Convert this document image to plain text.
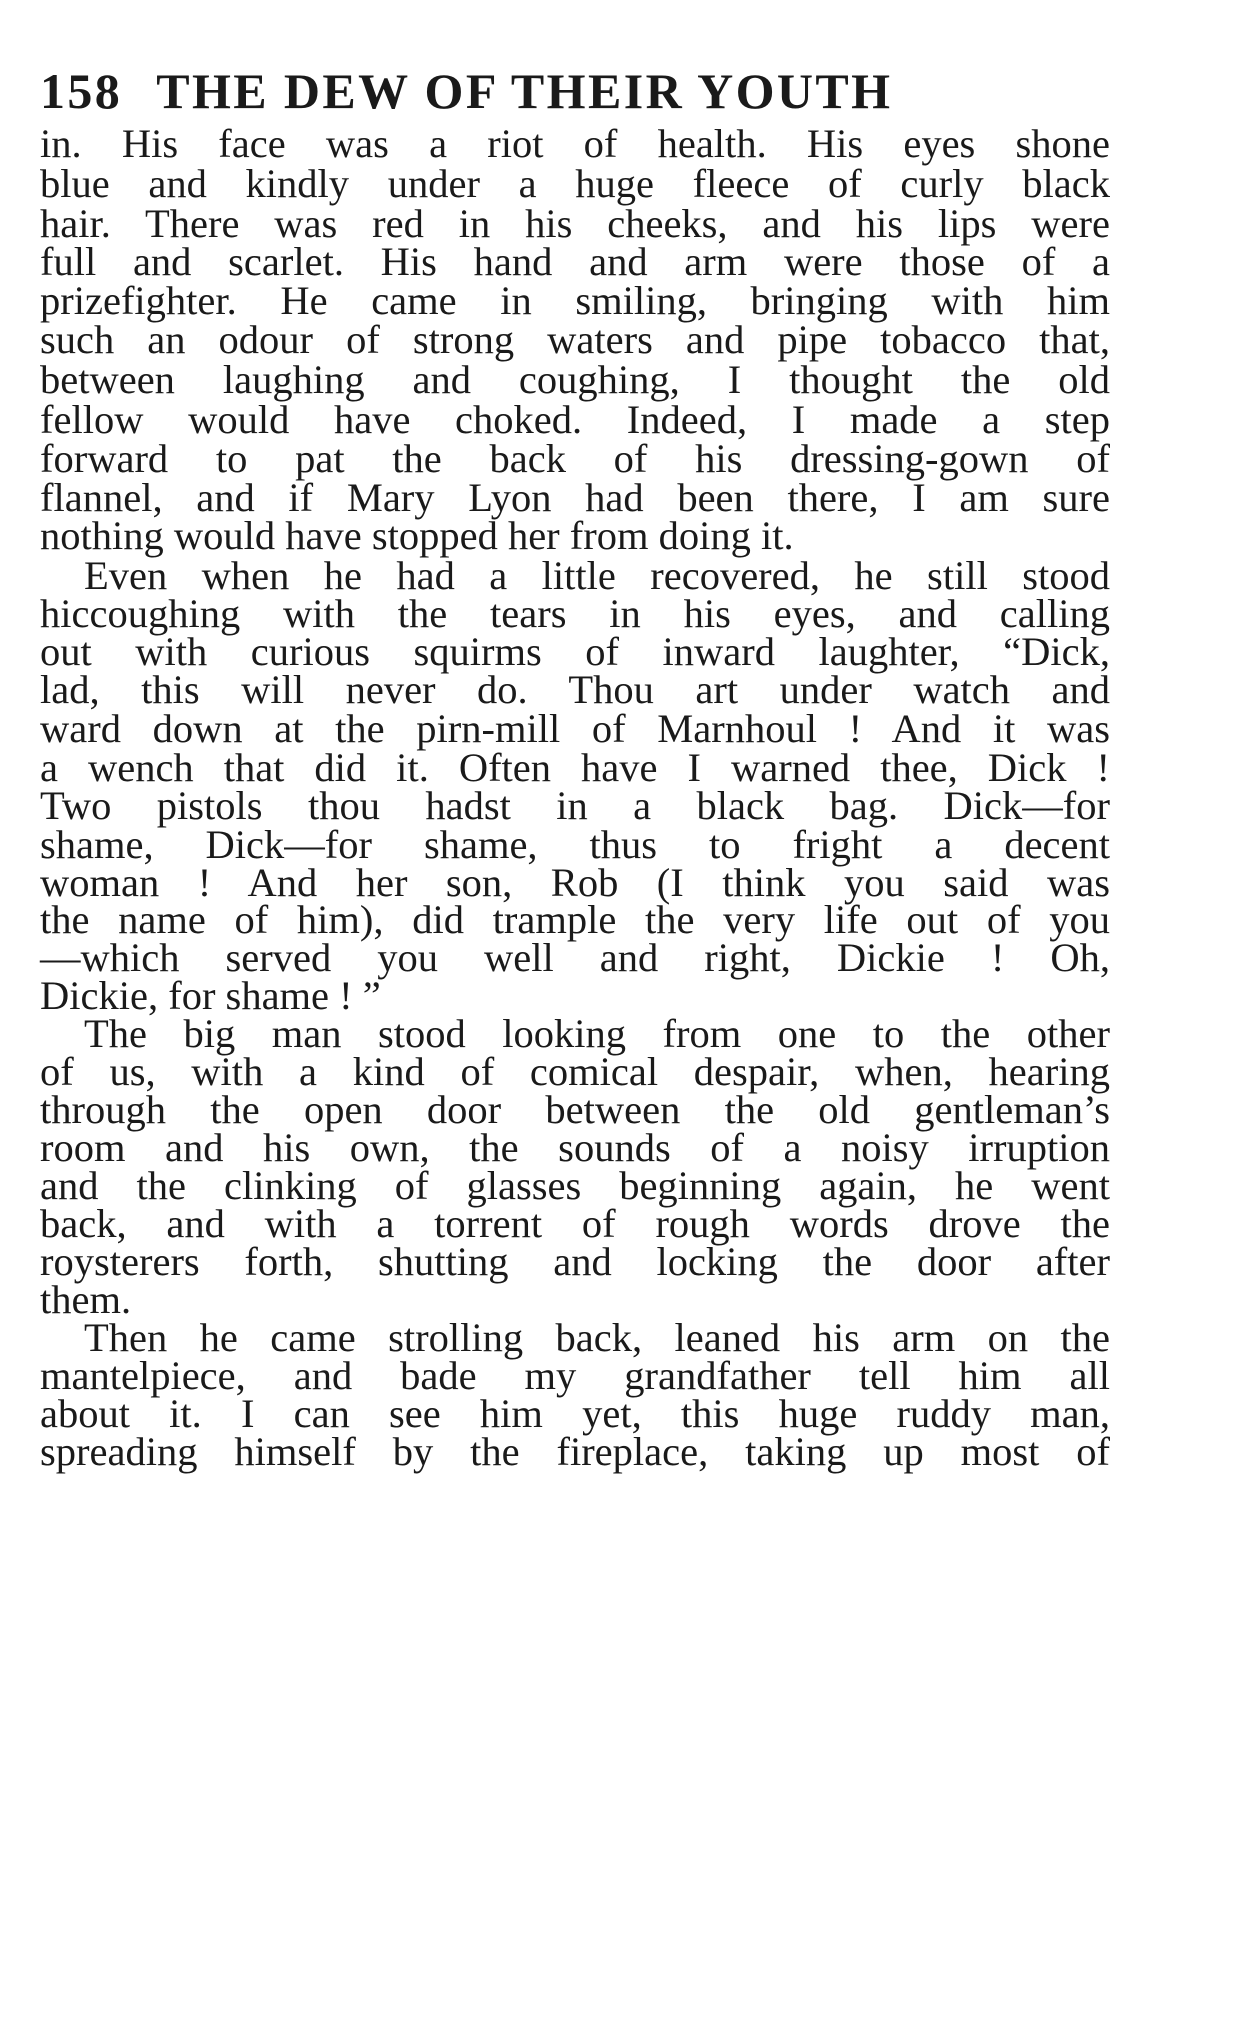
158 THE DEW OF THEIR YOUTH
in. His face was a riot of health. His eyes shone
blue and kindly under a huge fleece of curly black
hair. There was red in his cheeks, and his lips were
full and scarlet. His hand and arm were those of a
prizefighter. He came in smiling, bringing with him
such an odour of strong waters and pipe tobacco that,
between laughing and coughing, I thought the old
fellow would have choked. Indeed, I made a step
forward to pat the back of his dressing-gown of
flannel, and if Mary Lyon had been there, I am sure
nothing would have stopped her from doing it.
Even when he had a little recovered, he still stood
hiccoughing with the tears in his eyes, and calling
out with curious squirms of inward laughter, “Dick,
lad, this will never do. Thou art under watch and
ward down at the pirn-mill of Marnhoul ! And it was
a wench that did it. Often have I warned thee, Dick !
Two pistols thou hadst in a black bag. Dick—for
shame, Dick—for shame, thus to fright a decent
woman ! And her son, Rob (I think you said was
the name of him), did trample the very life out of you
—which served you well and right, Dickie ! Oh,
Dickie, for shame ! ”
The big man stood looking from one to the other
of us, with a kind of comical despair, when, hearing
through the open door between the old gentleman’s
room and his own, the sounds of a noisy irruption
and the clinking of glasses beginning again, he went
back, and with a torrent of rough words drove the
roysterers forth, shutting and locking the door after
them.
Then he came strolling back, leaned his arm on the
mantelpiece, and bade my grandfather tell him all
about it. I can see him yet, this huge ruddy man,
spreading himself by the fireplace, taking up most of
